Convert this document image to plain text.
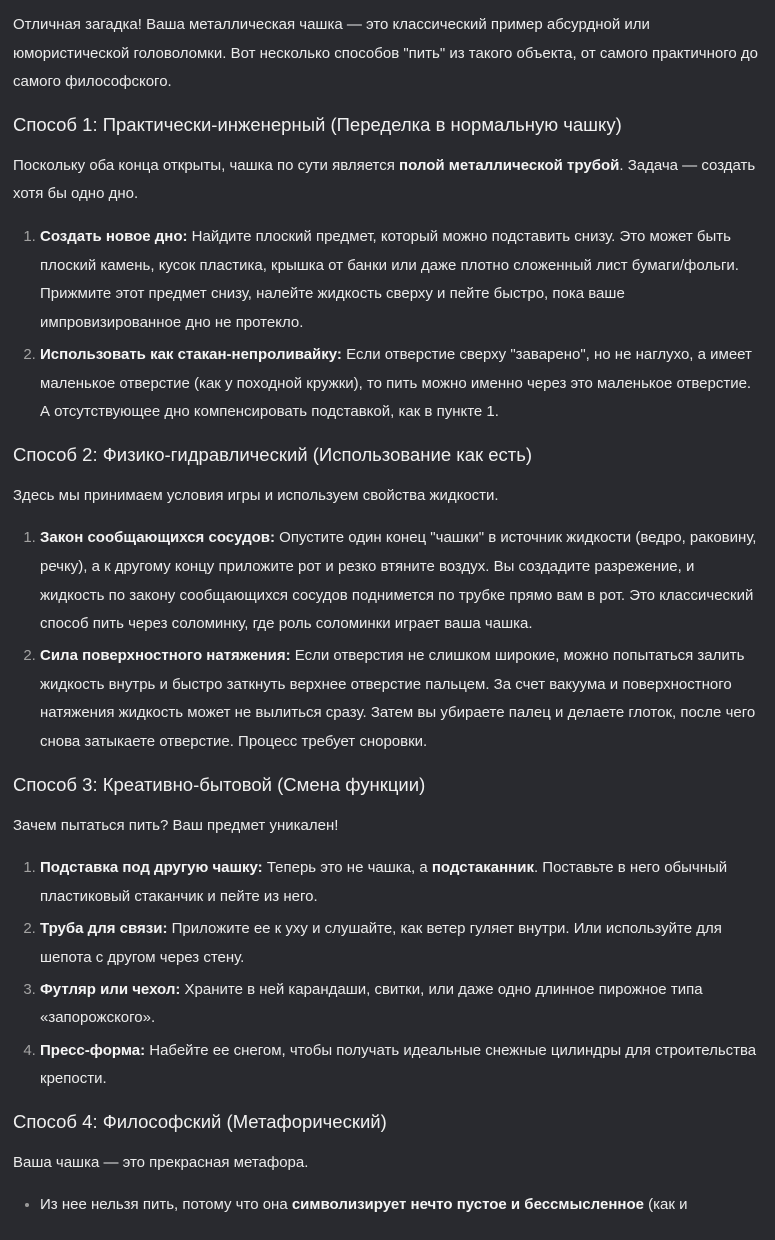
Отличная загадка! Ваша металлическая чашка — это классический пример абсурдной или юмористической головоломки. Вот несколько способов "пить" из такого объекта, от самого практичного до самого философского.

Способ 1: Практически-инженерный (Переделка в нормальную чашку)

Поскольку оба конца открыты, чашка по сути является полой металлической трубой. Задача — создать хотя бы одно дно.

1. Создать новое дно: Найдите плоский предмет, который можно подставить снизу. Это может быть плоский камень, кусок пластика, крышка от банки или даже плотно сложенный лист бумаги/фольги. Прижмите этот предмет снизу, налейте жидкость сверху и пейте быстро, пока ваше импровизированное дно не протекло.
2. Использовать как стакан-непроливайку: Если отверстие сверху "заварено", но не наглухо, а имеет маленькое отверстие (как у походной кружки), то пить можно именно через это маленькое отверстие. А отсутствующее дно компенсировать подставкой, как в пункте 1.
Способ 2: Физико-гидравлический (Использование как есть)

Здесь мы принимаем условия игры и используем свойства жидкости.

1. Закон сообщающихся сосудов: Опустите один конец "чашки" в источник жидкости (ведро, раковину, речку), а к другому концу приложите рот и резко втяните воздух. Вы создадите разрежение, и жидкость по закону сообщающихся сосудов поднимется по трубке прямо вам в рот. Это классический способ пить через соломинку, где роль соломинки играет ваша чашка.
2. Сила поверхностного натяжения: Если отверстия не слишком широкие, можно попытаться залить жидкость внутрь и быстро заткнуть верхнее отверстие пальцем. За счет вакуума и поверхностного натяжения жидкость может не вылиться сразу. Затем вы убираете палец и делаете глоток, после чего снова затыкаете отверстие. Процесс требует сноровки.
Способ 3: Креативно-бытовой (Смена функции)

Зачем пытаться пить? Ваш предмет уникален!

1. Подставка под другую чашку: Теперь это не чашка, а подстаканник. Поставьте в него обычный пластиковый стаканчик и пейте из него.
2. Труба для связи: Приложите ее к уху и слушайте, как ветер гуляет внутри. Или используйте для шепота с другом через стену.
3. Футляр или чехол: Храните в ней карандаши, свитки, или даже одно длинное пирожное типа «запорожского».
4. Пресс-форма: Набейте ее снегом, чтобы получать идеальные снежные цилиндры для строительства крепости.
Способ 4: Философский (Метафорический)

Ваша чашка — это прекрасная метафора.

• Из нее нельзя пить, потому что она символизирует нечто пустое и бессмысленное (как и
